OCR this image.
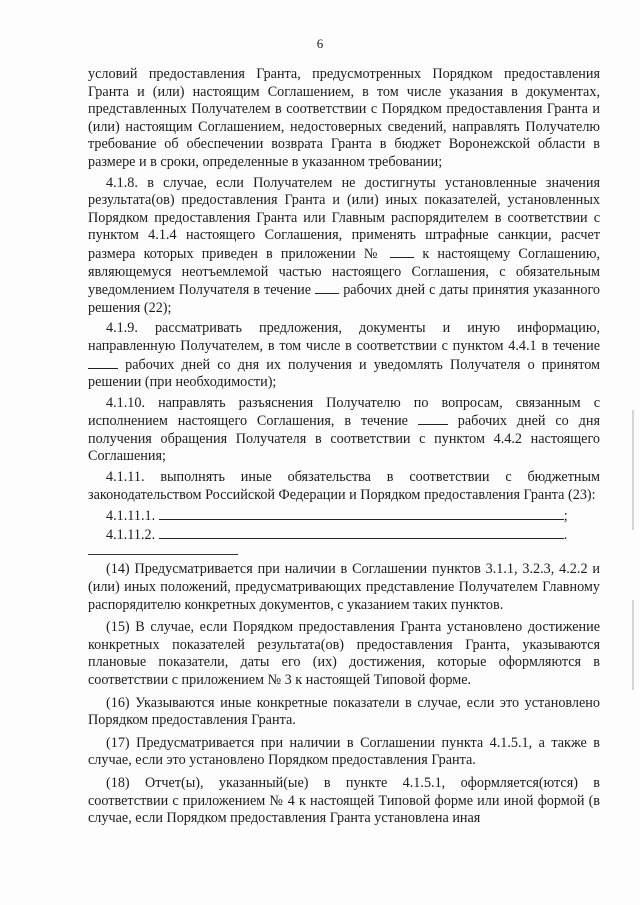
6

условий предоставления Гранта, предусмотренных Порядком предоставления Гранта и (или) настоящим Соглашением, в том числе указания в документах, представленных Получателем в соответствии с Порядком предоставления Гранта и (или) настоящим Соглашением, недостоверных сведений, направлять Получателю требование об обеспечении возврата Гранта в бюджет Воронежской области в размере и в сроки, определенные в указанном требовании;

4.1.8. в случае, если Получателем не достигнуты установленные значения результата(ов) предоставления Гранта и (или) иных показателей, установленных Порядком предоставления Гранта или Главным распорядителем в соответствии с пунктом 4.1.4 настоящего Соглашения, применять штрафные санкции, расчет размера которых приведен в приложении №	к настоящему Соглашению, являющемуся неотъемлемой частью настоящего Соглашения, с обязательным уведомлением Получателя в течение рабочих дней с даты принятия указанного решения (22);

4.1.9. рассматривать предложения, документы и иную информацию, направленную Получателем, в том числе в соответствии с пунктом 4.4.1 в течение  рабочих дней со дня их получения и уведомлять Получателя о принятом решении (при необходимости);

4.1.10. направлять разъяснения Получателю по вопросам, связанным с исполнением настоящего Соглашения, в течение	рабочих дней со дня получения обращения Получателя в соответствии с пунктом 4.4.2 настоящего Соглашения;

4.1.11. выполнять иные обязательства в соответствии с бюджетным законодательством Российской Федерации и Порядком предоставления Гранта (23):

4.1.11.1.	;
4.1.11.2.	.

(14) Предусматривается при наличии в Соглашении пунктов 3.1.1, 3.2.3, 4.2.2 и (или) иных положений, предусматривающих представление Получателем Главному распорядителю конкретных документов, с указанием таких пунктов.

(15) В случае, если Порядком предоставления Гранта установлено достижение конкретных показателей результата(ов) предоставления Гранта, указываются плановые показатели, даты его (их) достижения, которые оформляются в соответствии с приложением № 3 к настоящей Типовой форме.

(16) Указываются иные конкретные показатели в случае, если это установлено Порядком предоставления Гранта.

(17) Предусматривается при наличии в Соглашении пункта 4.1.5.1, а также в случае, если это установлено Порядком предоставления Гранта.

(18) Отчет(ы), указанный(ые) в пункте 4.1.5.1, оформляется(ются) в соответствии с приложением № 4 к настоящей Типовой форме или иной формой (в случае, если Порядком предоставления Гранта установлена иная
